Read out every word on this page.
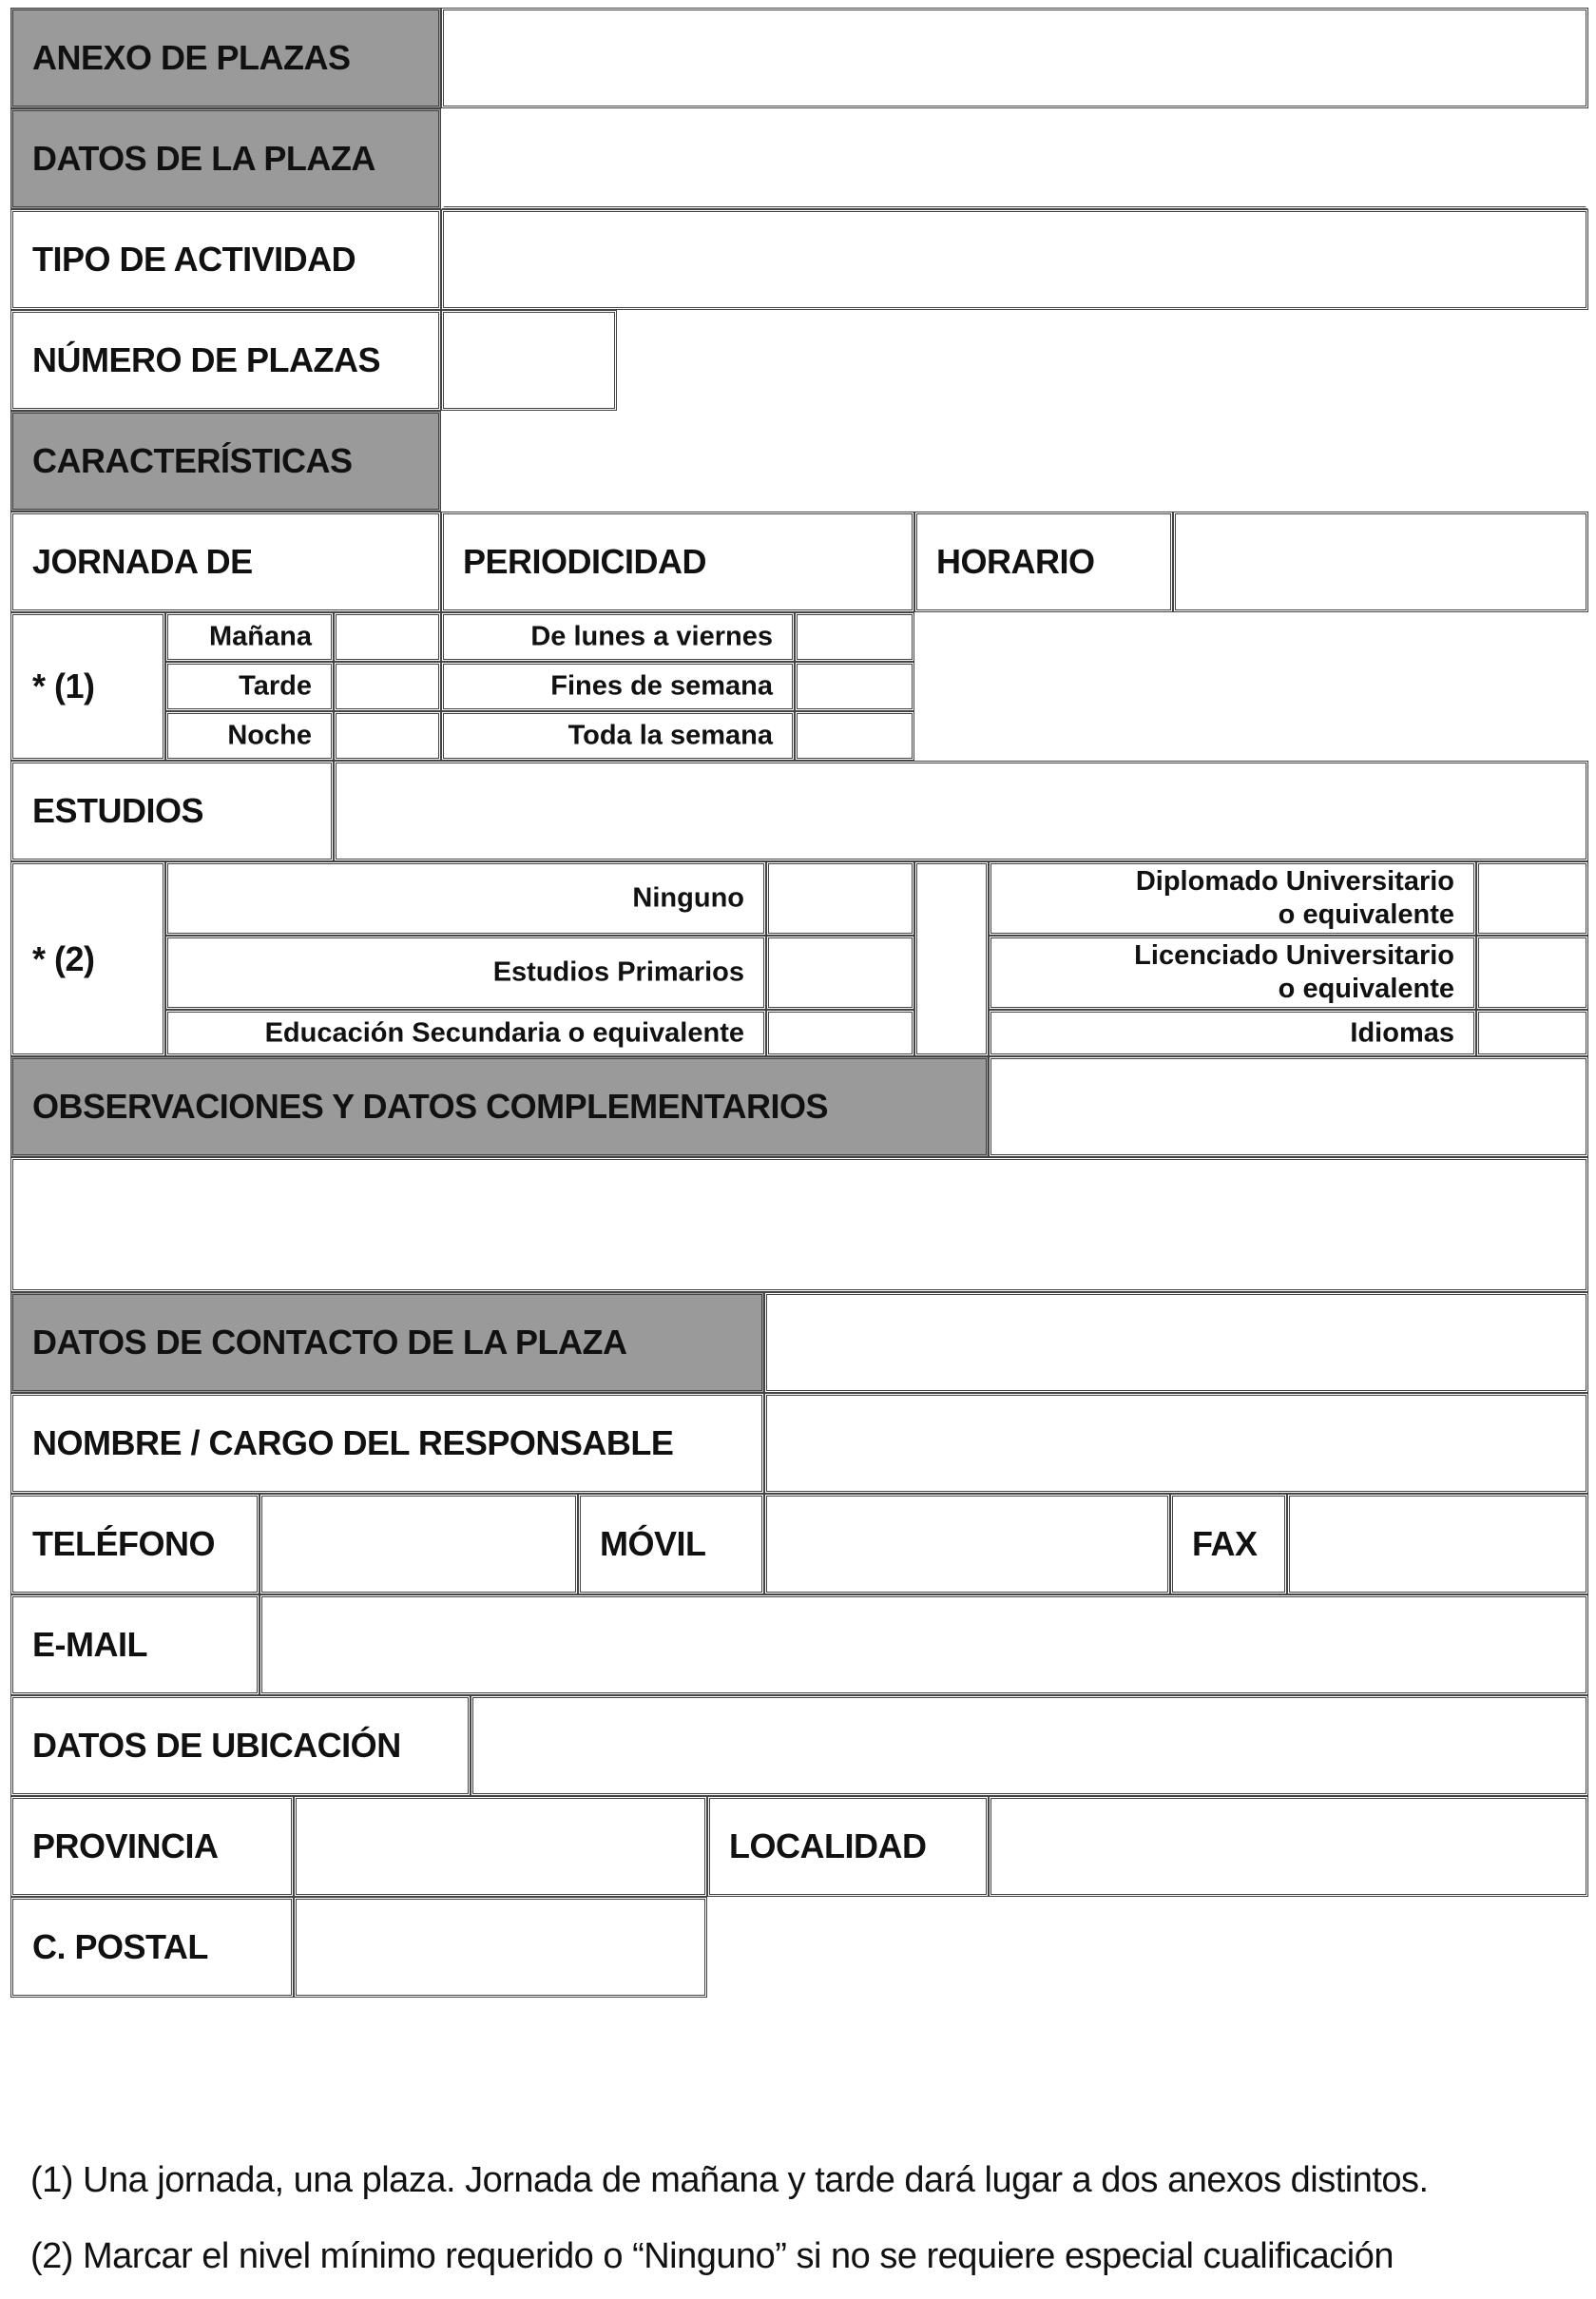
ANEXO DE PLAZAS
DATOS DE LA PLAZA
TIPO DE ACTIVIDAD
NÚMERO DE PLAZAS
CARACTERÍSTICAS
JORNADA DE	PERIODICIDAD	HORARIO
* (1)
Mañana	De lunes a viernes
Tarde	Fines de semana
Noche	Toda la semana
ESTUDIOS
* (2)
Ninguno
Estudios Primarios
Educación Secundaria o equivalente
Diplomado Universitario o equivalente
Licenciado Universitario o equivalente
Idiomas
OBSERVACIONES Y DATOS COMPLEMENTARIOS
DATOS DE CONTACTO DE LA PLAZA
NOMBRE / CARGO DEL RESPONSABLE
TELÉFONO	MÓVIL	FAX
E-MAIL
DATOS DE UBICACIÓN
PROVINCIA	LOCALIDAD
C. POSTAL
(1) Una jornada, una plaza. Jornada de mañana y tarde dará lugar a dos anexos distintos.
(2) Marcar el nivel mínimo requerido o “Ninguno” si no se requiere especial cualificación
